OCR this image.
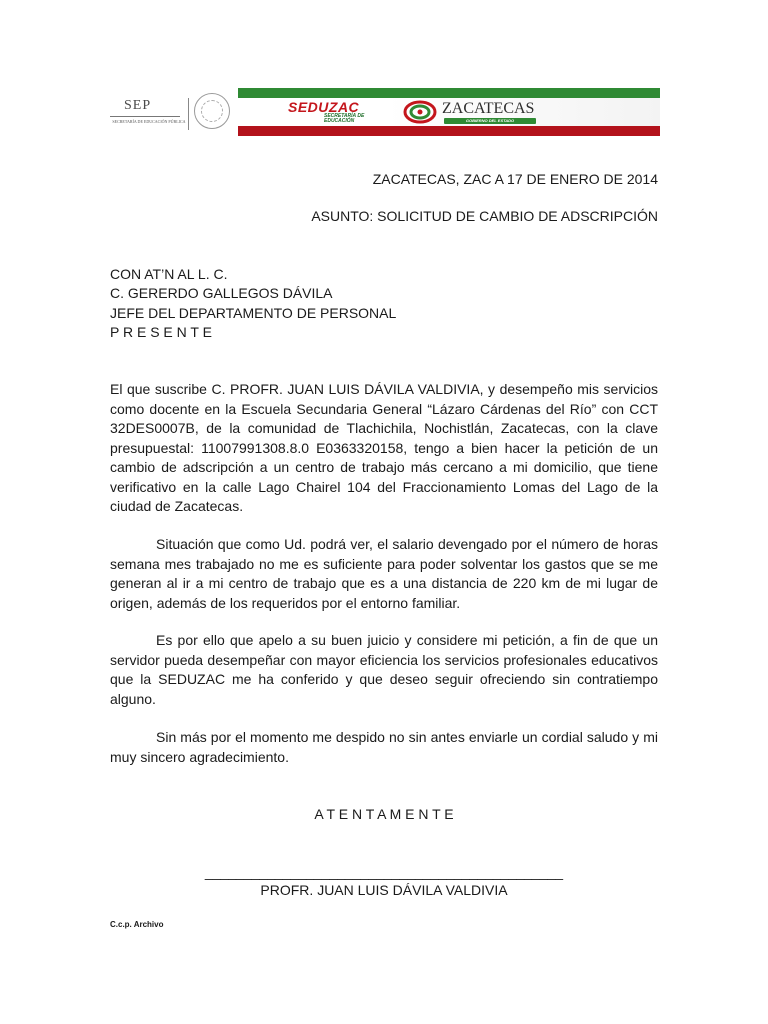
SEP
SECRETARÍA DE EDUCACIÓN PÚBLICA
SEDUZAC
SECRETARÍA DE EDUCACIÓN
ZACATECAS
GOBIERNO DEL ESTADO
ZACATECAS, ZAC A 17 DE ENERO DE 2014
ASUNTO: SOLICITUD DE CAMBIO DE ADSCRIPCIÓN
CON AT’N AL L. C.
C. GERERDO GALLEGOS DÁVILA
JEFE DEL DEPARTAMENTO DE PERSONAL
P R E S E N T E
El que suscribe C. PROFR. JUAN LUIS DÁVILA VALDIVIA, y desempeño mis servicios como docente en la Escuela Secundaria General “Lázaro Cárdenas del Río” con CCT 32DES0007B, de la comunidad de Tlachichila, Nochistlán, Zacatecas, con la clave presupuestal: 11007991308.8.0 E0363320158, tengo a bien hacer la petición de un cambio de adscripción a un centro de trabajo más cercano a mi domicilio, que tiene verificativo en la calle Lago Chairel 104 del Fraccionamiento Lomas del Lago de la ciudad de Zacatecas.
Situación que como Ud. podrá ver, el salario devengado por el número de horas semana mes trabajado no me es suficiente para poder solventar los gastos que se me generan al ir a mi centro de trabajo que es a una distancia de 220 km de mi lugar de origen, además de los requeridos por el entorno familiar.
Es por ello que apelo a su buen juicio y considere mi petición, a fin de que un servidor pueda desempeñar con mayor eficiencia los servicios profesionales educativos que la SEDUZAC me ha conferido y que deseo seguir ofreciendo sin contratiempo alguno.
Sin más por el momento me despido no sin antes enviarle un cordial saludo y mi muy sincero agradecimiento.
A T E N T A M E N T E
______________________________________________
PROFR. JUAN LUIS DÁVILA VALDIVIA
C.c.p. Archivo
